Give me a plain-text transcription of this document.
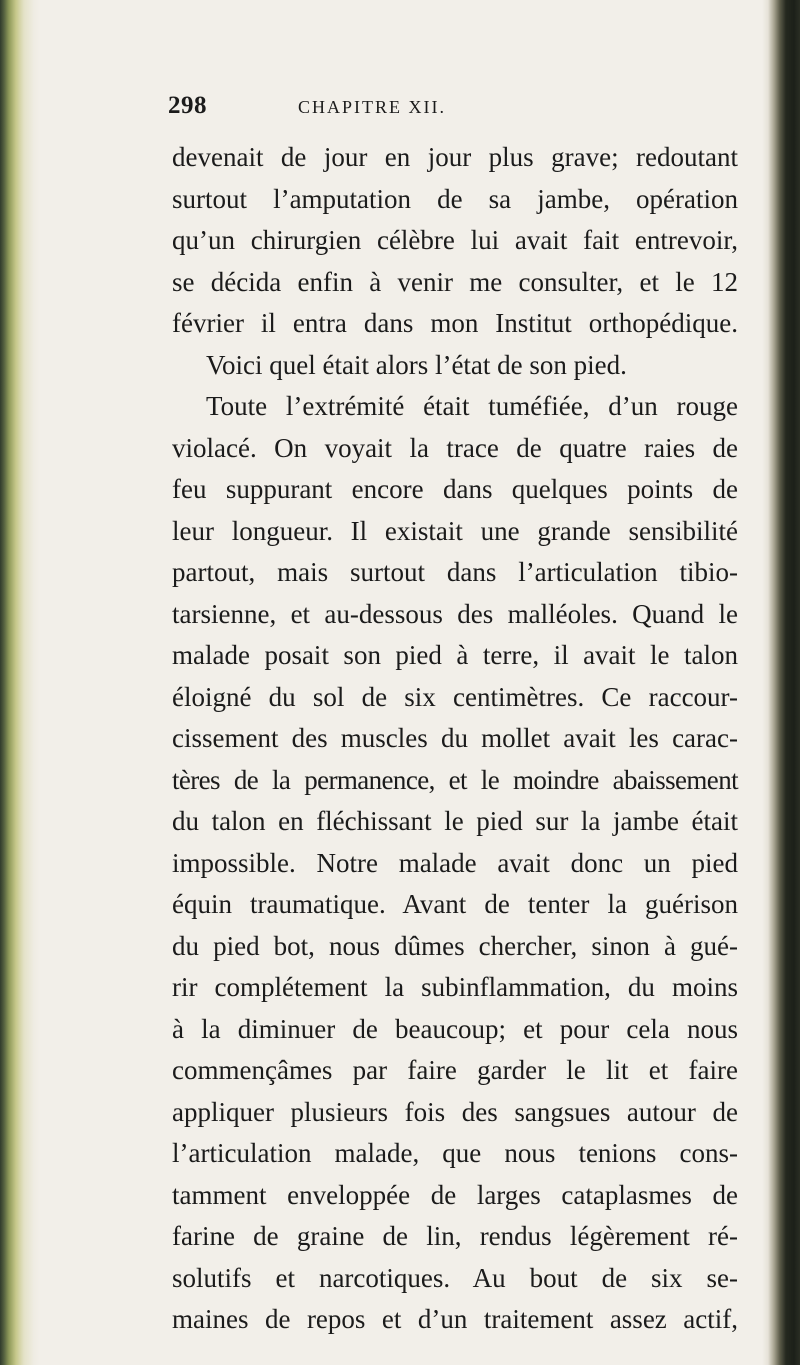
298	CHAPITRE XII.
devenait de jour en jour plus grave; redoutant
surtout l’amputation de sa jambe, opération
qu’un chirurgien célèbre lui avait fait entrevoir,
se décida enfin à venir me consulter, et le 12
février il entra dans mon Institut orthopédique.
Voici quel était alors l’état de son pied.
Toute l’extrémité était tuméfiée, d’un rouge
violacé. On voyait la trace de quatre raies de
feu suppurant encore dans quelques points de
leur longueur. Il existait une grande sensibilité
partout, mais surtout dans l’articulation tibio-
tarsienne, et au-dessous des malléoles. Quand le
malade posait son pied à terre, il avait le talon
éloigné du sol de six centimètres. Ce raccour-
cissement des muscles du mollet avait les carac-
tères de la permanence, et le moindre abaissement
du talon en fléchissant le pied sur la jambe était
impossible. Notre malade avait donc un pied
équin traumatique. Avant de tenter la guérison
du pied bot, nous dûmes chercher, sinon à gué-
rir complétement la subinflammation, du moins
à la diminuer de beaucoup; et pour cela nous
commençâmes par faire garder le lit et faire
appliquer plusieurs fois des sangsues autour de
l’articulation malade, que nous tenions cons-
tamment enveloppée de larges cataplasmes de
farine de graine de lin, rendus légèrement ré-
solutifs et narcotiques. Au bout de six se-
maines de repos et d’un traitement assez actif,
